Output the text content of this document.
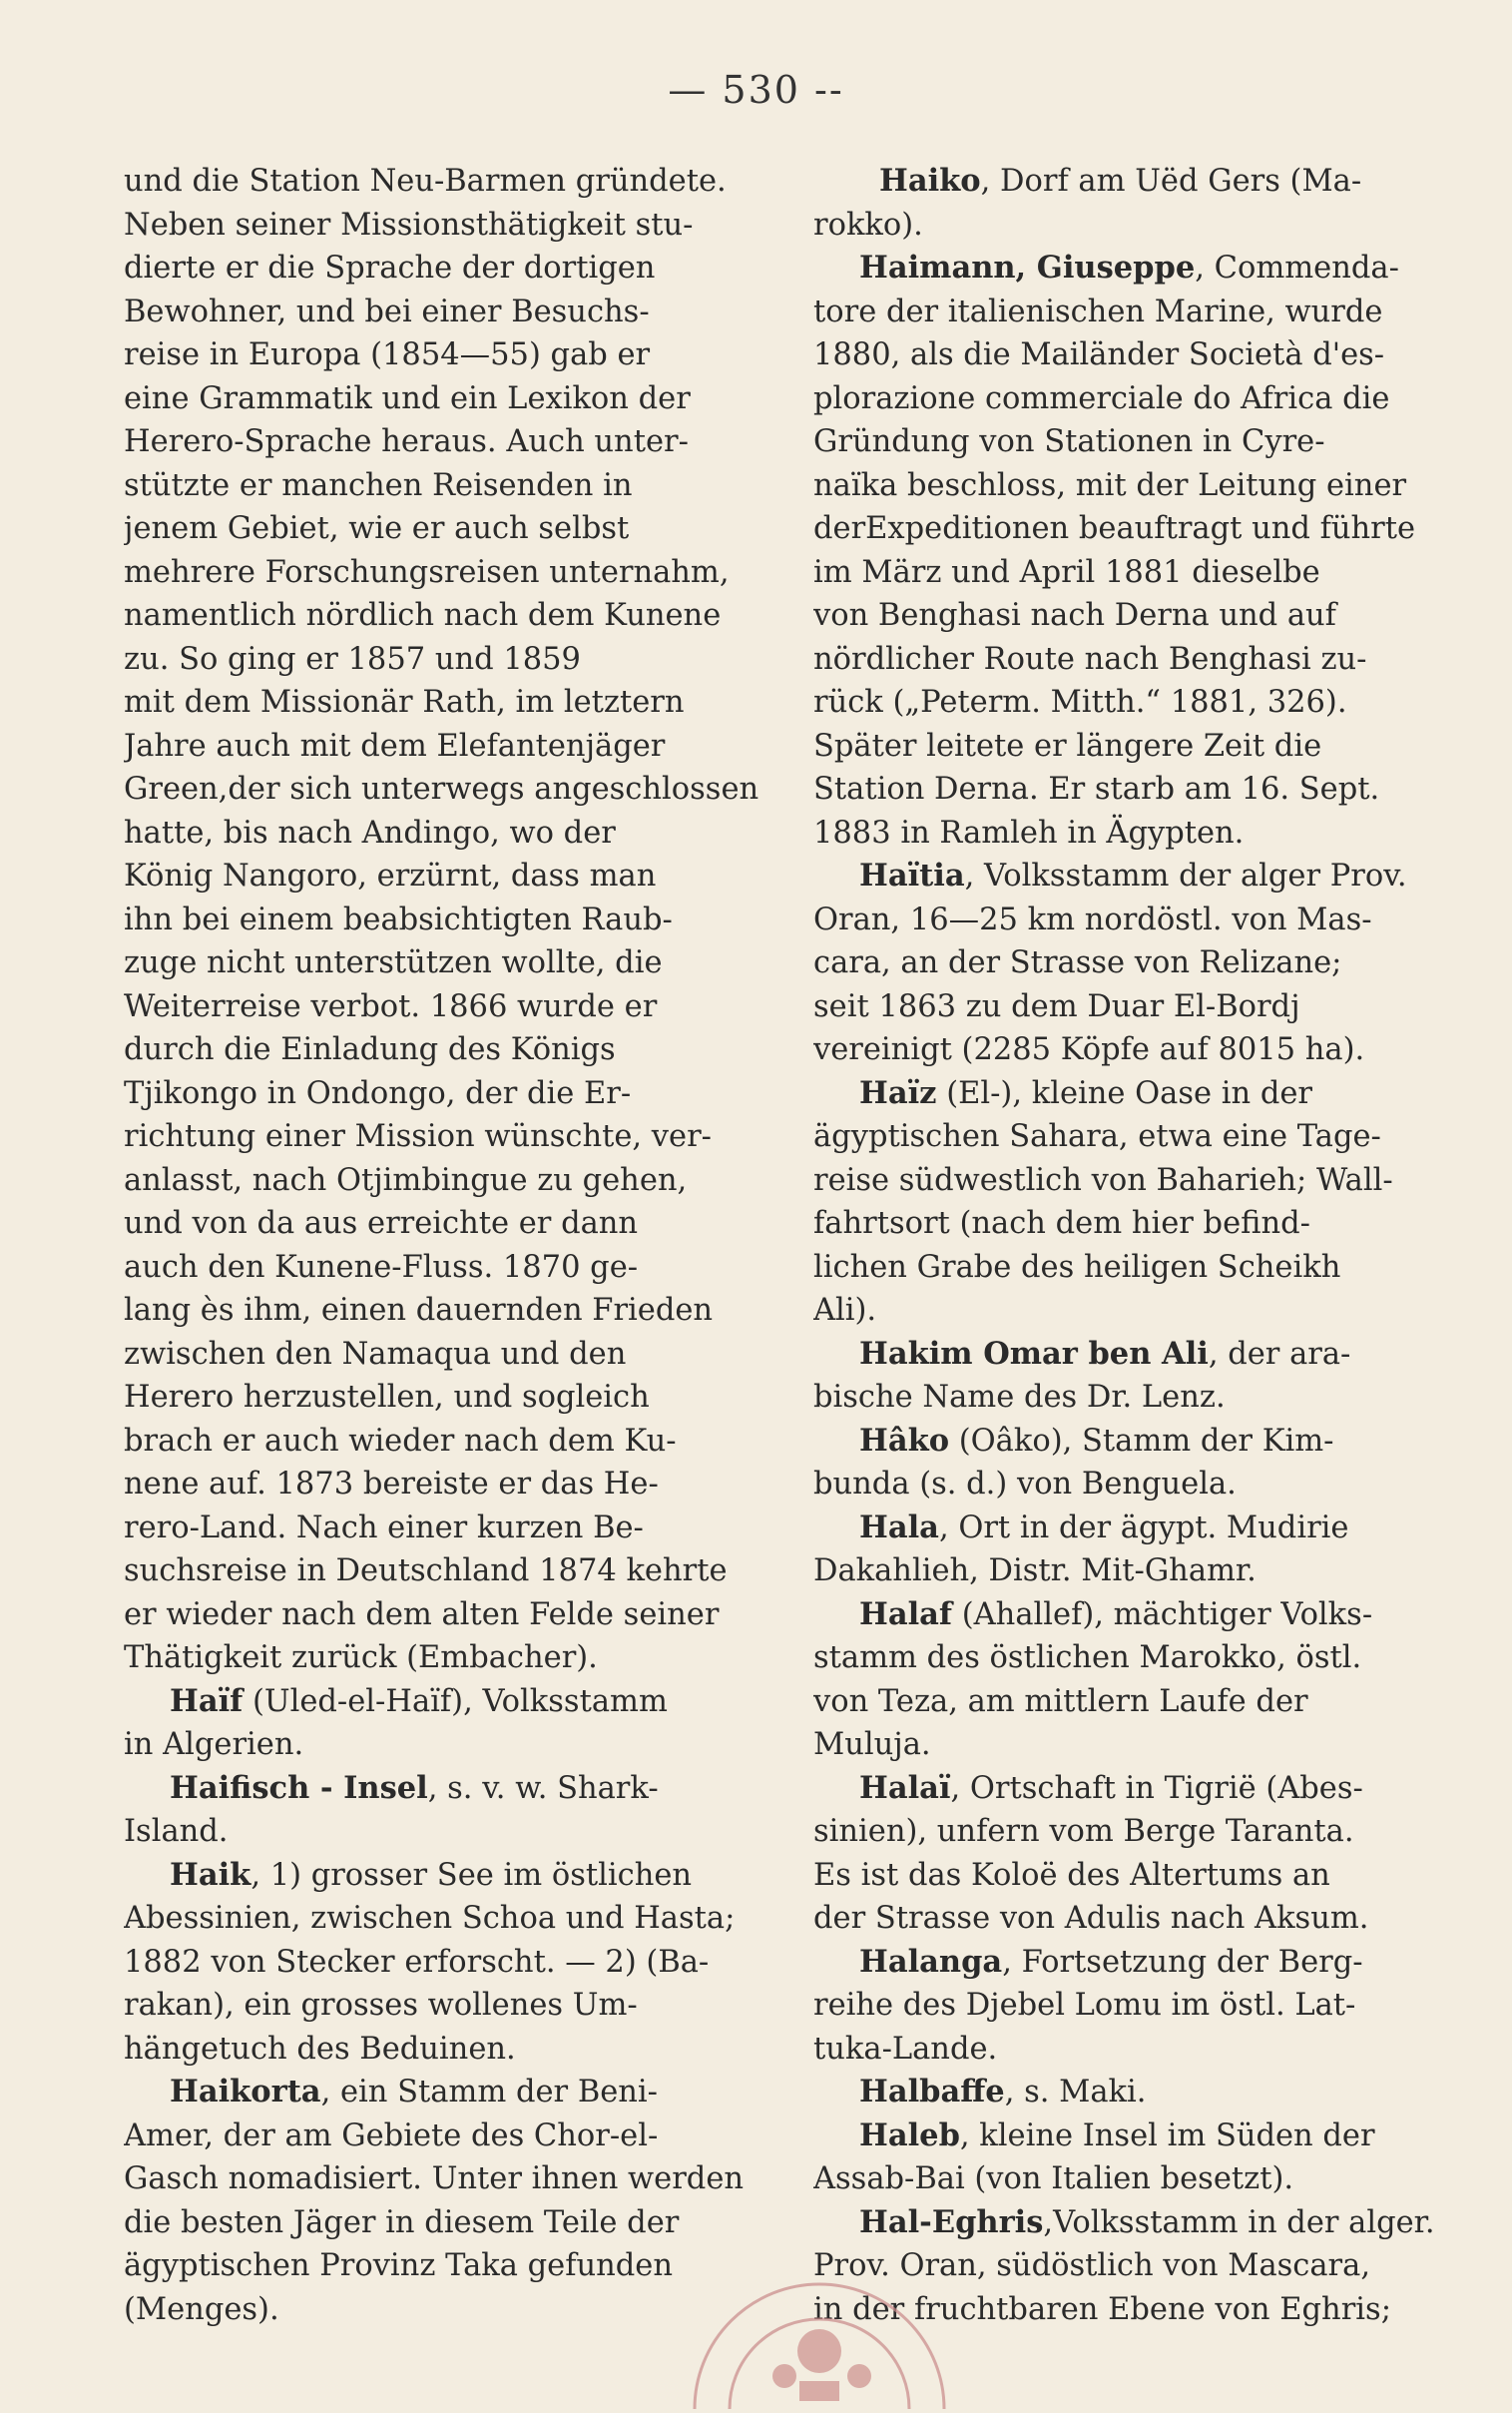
— 530 --
und die Station Neu-Barmen gründete.
Neben seiner Missionsthätigkeit stu-
dierte er die Sprache der dortigen
Bewohner, und bei einer Besuchs-
reise in Europa (1854—55) gab er
eine Grammatik und ein Lexikon der
Herero-Sprache heraus. Auch unter-
stützte er manchen Reisenden in
jenem Gebiet, wie er auch selbst
mehrere Forschungsreisen unternahm,
namentlich nördlich nach dem Kunene
zu. So ging er 1857 und 1859
mit dem Missionär Rath, im letztern
Jahre auch mit dem Elefantenjäger
Green,der sich unterwegs angeschlossen
hatte, bis nach Andingo, wo der
König Nangoro, erzürnt, dass man
ihn bei einem beabsichtigten Raub-
zuge nicht unterstützen wollte, die
Weiterreise verbot. 1866 wurde er
durch die Einladung des Königs
Tjikongo in Ondongo, der die Er-
richtung einer Mission wünschte, ver-
anlasst, nach Otjimbingue zu gehen,
und von da aus erreichte er dann
auch den Kunene-Fluss. 1870 ge-
lang ès ihm, einen dauernden Frieden
zwischen den Namaqua und den
Herero herzustellen, und sogleich
brach er auch wieder nach dem Ku-
nene auf. 1873 bereiste er das He-
rero-Land. Nach einer kurzen Be-
suchsreise in Deutschland 1874 kehrte
er wieder nach dem alten Felde seiner
Thätigkeit zurück (Embacher).
Haïf (Uled-el-Haïf), Volksstamm
in Algerien.
Haifisch - Insel, s. v. w. Shark-
Island.
Haik, 1) grosser See im östlichen
Abessinien, zwischen Schoa und Hasta;
1882 von Stecker erforscht. — 2) (Ba-
rakan), ein grosses wollenes Um-
hängetuch des Beduinen.
Haikorta, ein Stamm der Beni-
Amer, der am Gebiete des Chor-el-
Gasch nomadisiert. Unter ihnen werden
die besten Jäger in diesem Teile der
ägyptischen Provinz Taka gefunden
(Menges).
Haiko, Dorf am Uëd Gers (Ma-
rokko).
Haimann, Giuseppe, Commenda-
tore der italienischen Marine, wurde
1880, als die Mailänder Società d'es-
plorazione commerciale do Africa die
Gründung von Stationen in Cyre-
naïka beschloss, mit der Leitung einer
derExpeditionen beauftragt und führte
im März und April 1881 dieselbe
von Benghasi nach Derna und auf
nördlicher Route nach Benghasi zu-
rück („Peterm. Mitth.“ 1881, 326).
Später leitete er längere Zeit die
Station Derna. Er starb am 16. Sept.
1883 in Ramleh in Ägypten.
Haïtia, Volksstamm der alger Prov.
Oran, 16—25 km nordöstl. von Mas-
cara, an der Strasse von Relizane;
seit 1863 zu dem Duar El-Bordj
vereinigt (2285 Köpfe auf 8015 ha).
Haïz (El-), kleine Oase in der
ägyptischen Sahara, etwa eine Tage-
reise südwestlich von Baharieh; Wall-
fahrtsort (nach dem hier befind-
lichen Grabe des heiligen Scheikh
Ali).
Hakim Omar ben Ali, der ara-
bische Name des Dr. Lenz.
Hâko (Oâko), Stamm der Kim-
bunda (s. d.) von Benguela.
Hala, Ort in der ägypt. Mudirie
Dakahlieh, Distr. Mit-Ghamr.
Halaf (Ahallef), mächtiger Volks-
stamm des östlichen Marokko, östl.
von Teza, am mittlern Laufe der
Muluja.
Halaï, Ortschaft in Tigrië (Abes-
sinien), unfern vom Berge Taranta.
Es ist das Koloë des Altertums an
der Strasse von Adulis nach Aksum.
Halanga, Fortsetzung der Berg-
reihe des Djebel Lomu im östl. Lat-
tuka-Lande.
Halbaffe, s. Maki.
Haleb, kleine Insel im Süden der
Assab-Bai (von Italien besetzt).
Hal-Eghris,Volksstamm in der alger.
Prov. Oran, südöstlich von Mascara,
in der fruchtbaren Ebene von Eghris;
